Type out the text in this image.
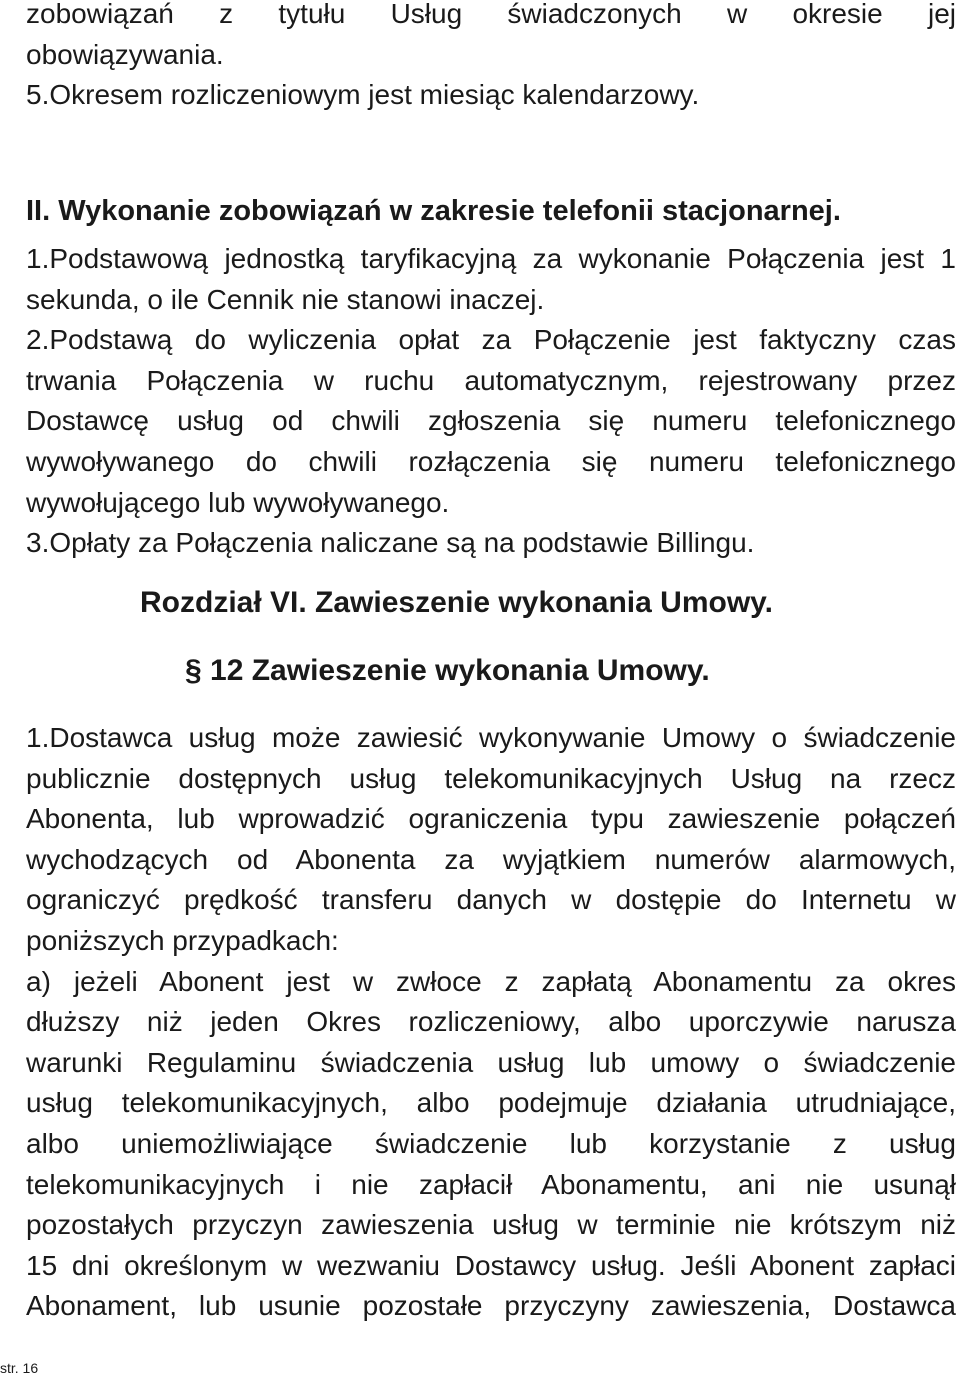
zobowiązań z tytułu Usług świadczonych w okresie jej
obowiązywania.
5.Okresem rozliczeniowym jest miesiąc kalendarzowy.
II. Wykonanie zobowiązań w zakresie telefonii stacjonarnej.
1.Podstawową jednostką taryfikacyjną za wykonanie Połączenia jest 1
sekunda, o ile Cennik nie stanowi inaczej.
2.Podstawą do wyliczenia opłat za Połączenie jest faktyczny czas
trwania Połączenia w ruchu automatycznym, rejestrowany przez
Dostawcę usług od chwili zgłoszenia się numeru telefonicznego
wywoływanego do chwili rozłączenia się numeru telefonicznego
wywołującego lub wywoływanego.
3.Opłaty za Połączenia naliczane są na podstawie Billingu.
Rozdział VI. Zawieszenie wykonania Umowy.
§ 12 Zawieszenie wykonania Umowy.
1.Dostawca usług może zawiesić wykonywanie Umowy o świadczenie
publicznie dostępnych usług telekomunikacyjnych Usług na rzecz
Abonenta, lub wprowadzić ograniczenia typu zawieszenie połączeń
wychodzących od Abonenta za wyjątkiem numerów alarmowych,
ograniczyć prędkość transferu danych w dostępie do Internetu w
poniższych przypadkach:
a) jeżeli Abonent jest w zwłoce z zapłatą Abonamentu za okres
dłuższy niż jeden Okres rozliczeniowy, albo uporczywie narusza
warunki Regulaminu świadczenia usług lub umowy o świadczenie
usług telekomunikacyjnych, albo podejmuje działania utrudniające,
albo uniemożliwiające świadczenie lub korzystanie z usług
telekomunikacyjnych i nie zapłacił Abonamentu, ani nie usunął
pozostałych przyczyn zawieszenia usług w terminie nie krótszym niż
15 dni określonym w wezwaniu Dostawcy usług. Jeśli Abonent zapłaci
Abonament, lub usunie pozostałe przyczyny zawieszenia, Dostawca
str. 16
